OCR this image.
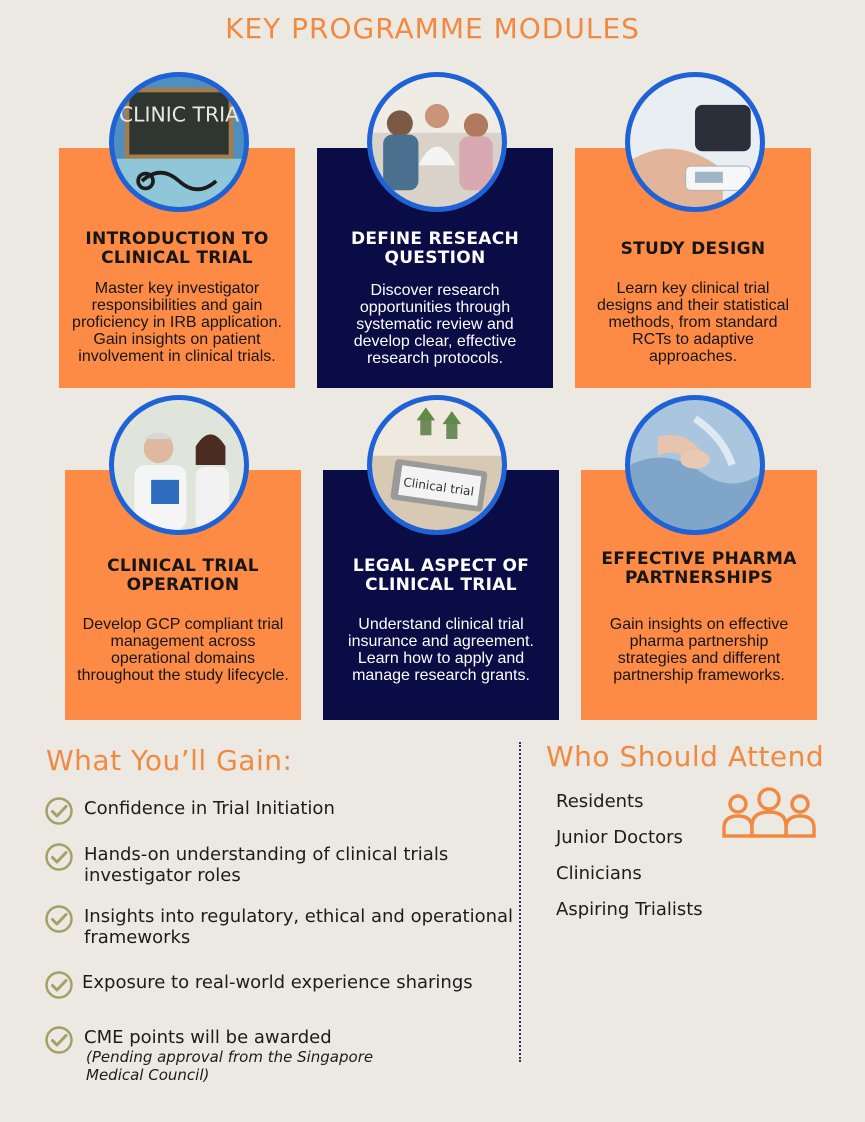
KEY PROGRAMME MODULES
INTRODUCTION TO CLINICAL TRIAL
Master key investigator responsibilities and gain proficiency in IRB application. Gain insights on patient involvement in clinical trials.
CLINIC TRIA
DEFINE RESEACH QUESTION
Discover research opportunities through systematic review and develop clear, effective research protocols.
STUDY DESIGN
Learn key clinical trial designs and their statistical methods, from standard RCTs to adaptive approaches.
CLINICAL TRIAL OPERATION
Develop GCP compliant trial management across operational domains throughout the study lifecycle.
LEGAL ASPECT OF CLINICAL TRIAL
Understand clinical trial insurance and agreement. Learn how to apply and manage research grants.
Clinical trial
EFFECTIVE PHARMA PARTNERSHIPS
Gain insights on effective pharma partnership strategies and different partnership frameworks.
What You’ll Gain:
Confidence in Trial Initiation
Hands-on understanding of clinical trials investigator roles
Insights into regulatory, ethical and operational frameworks
Exposure to real-world experience sharings
CME points will be awarded
(Pending approval from the Singapore Medical Council)
Who Should Attend
Residents
Junior Doctors
Clinicians
Aspiring Trialists
